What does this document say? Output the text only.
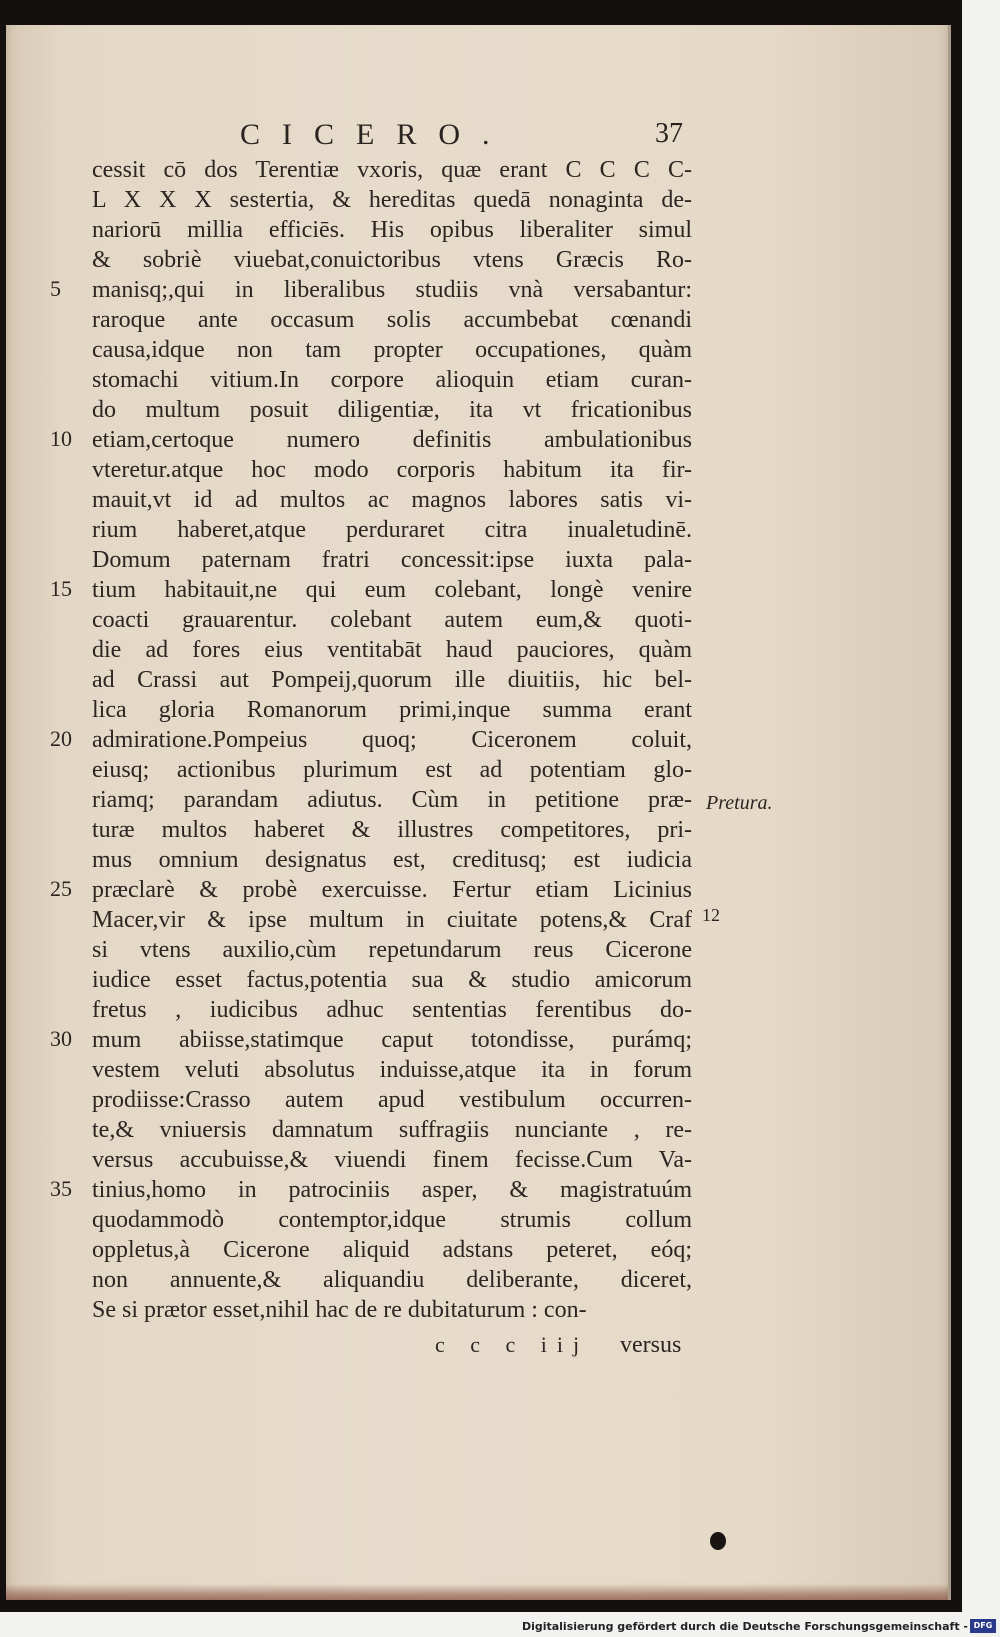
CICERO.	37
cessit cō dos Terentiæ vxoris, quæ erant C C C C-
L X X X sestertia, & hereditas quedā nonaginta de-
nariorū millia efficiēs. His opibus liberaliter simul
& sobriè viuebat,conuictoribus vtens Græcis Ro-
manisq;,qui in liberalibus studiis vnà versabantur:
raroque ante occasum solis accumbebat cœnandi
causa,idque non tam propter occupationes, quàm
stomachi vitium.In corpore alioquin etiam curan-
do multum posuit diligentiæ, ita vt fricationibus
etiam,certoque numero definitis ambulationibus
vteretur.atque hoc modo corporis habitum ita fir-
mauit,vt id ad multos ac magnos labores satis vi-
rium haberet,atque perduraret citra inualetudinē.
Domum paternam fratri concessit:ipse iuxta pala-
tium habitauit,ne qui eum colebant, longè venire
coacti grauarentur. colebant autem eum,& quoti-
die ad fores eius ventitabāt haud pauciores, quàm
ad Crassi aut Pompeij,quorum ille diuitiis, hic bel-
lica gloria Romanorum primi,inque summa erant
admiratione.Pompeius quoq; Ciceronem coluit,
eiusq; actionibus plurimum est ad potentiam glo-
riamq; parandam adiutus. Cùm in petitione præ-
turæ multos haberet & illustres competitores, pri-
mus omnium designatus est, creditusq; est iudicia
præclarè & probè exercuisse. Fertur etiam Licinius
Macer,vir & ipse multum in ciuitate potens,& Craf
si vtens auxilio,cùm repetundarum reus Cicerone
iudice esset factus,potentia sua & studio amicorum
fretus , iudicibus adhuc sententias ferentibus do-
mum abiisse,statimque caput totondisse, purámq;
vestem veluti absolutus induisse,atque ita in forum
prodiisse:Crasso autem apud vestibulum occurren-
te,& vniuersis damnatum suffragiis nunciante , re-
versus accubuisse,& viuendi finem fecisse.Cum Va-
tinius,homo in patrociniis asper, & magistratuúm
quodammodò contemptor,idque strumis collum
oppletus,à Cicerone aliquid adstans peteret, eóq;
non annuente,& aliquandiu deliberante, diceret,
Se si prætor esset,nihil hac de re dubitaturum : con-
5
10
15
20
25
30
35
Pretura.
12
c c c iij versus
Digitalisierung gefördert durch die Deutsche Forschungsgemeinschaft - DFG
